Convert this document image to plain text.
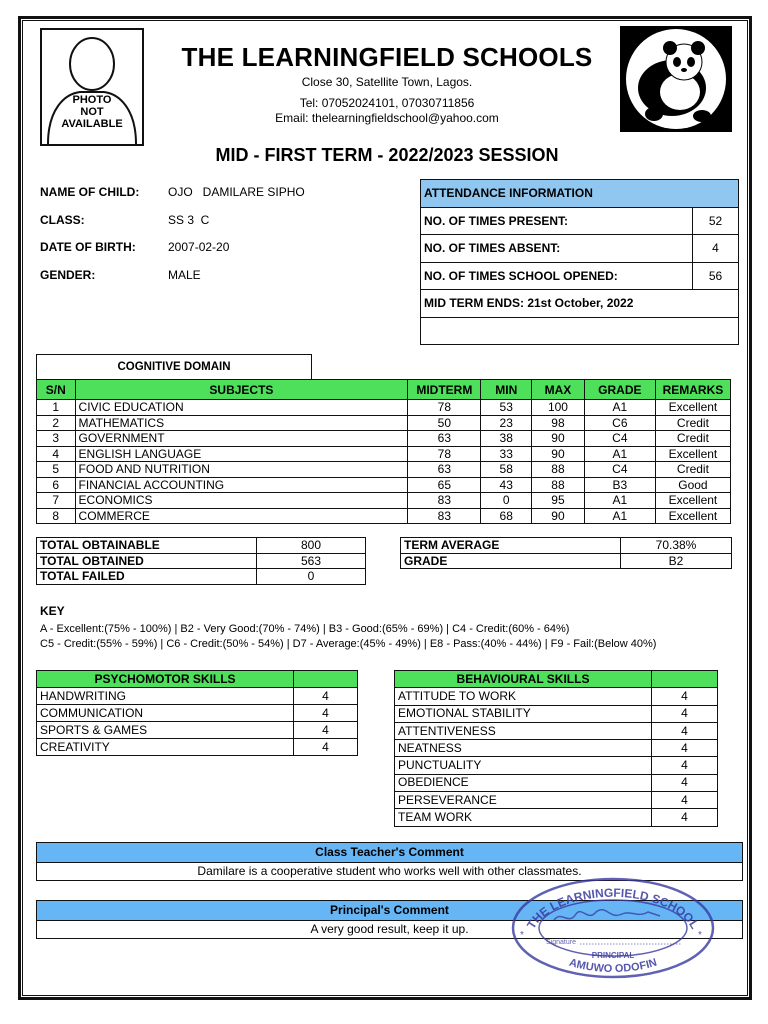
PHOTO
NOT
AVAILABLE
THE LEARNINGFIELD SCHOOLS
Close 30, Satellite Town, Lagos.
Tel: 07052024101, 07030711856
Email: thelearningfieldschool@yahoo.com
MID - FIRST TERM - 2022/2023 SESSION
NAME OF CHILD: OJO   DAMILARE SIPHO
CLASS:	SS 3  C
DATE OF BIRTH:	2007-02-20
GENDER:	MALE
ATTENDANCE INFORMATION	
NO. OF TIMES PRESENT:	52
NO. OF TIMES ABSENT:	4
NO. OF TIMES SCHOOL OPENED:	56
MID TERM ENDS: 21st October, 2022	

COGNITIVE DOMAIN
S/N	SUBJECTS	MIDTERM	MIN	MAX	GRADE	REMARKS
1	CIVIC EDUCATION	78	53	100	A1	Excellent
2	MATHEMATICS	50	23	98	C6	Credit
3	GOVERNMENT	63	38	90	C4	Credit
4	ENGLISH LANGUAGE	78	33	90	A1	Excellent
5	FOOD AND NUTRITION	63	58	88	C4	Credit
6	FINANCIAL ACCOUNTING	65	43	88	B3	Good
7	ECONOMICS	83	0	95	A1	Excellent
8	COMMERCE	83	68	90	A1	Excellent
TOTAL OBTAINABLE	800
TOTAL OBTAINED	563
TOTAL FAILED	0
TERM AVERAGE	70.38%
GRADE	B2
KEY
A - Excellent:(75% - 100%) | B2 - Very Good:(70% - 74%) | B3 - Good:(65% - 69%) | C4 - Credit:(60% - 64%)
C5 - Credit:(55% - 59%) | C6 - Credit:(50% - 54%) | D7 - Average:(45% - 49%) | E8 - Pass:(40% - 44%) | F9 - Fail:(Below 40%)
PSYCHOMOTOR SKILLS	
HANDWRITING	4
COMMUNICATION	4
SPORTS & GAMES	4
CREATIVITY	4
BEHAVIOURAL SKILLS	
ATTITUDE TO WORK	4
EMOTIONAL STABILITY	4
ATTENTIVENESS	4
NEATNESS	4
PUNCTUALITY	4
OBEDIENCE	4
PERSEVERANCE	4
TEAM WORK	4
Class Teacher's Comment
Damilare is a cooperative student who works well with other classmates.
Principal's Comment
A very good result, keep it up.	THE LEARNINGFIELD SCHOOL
AMUWO ODOFIN
Signature
PRINCIPAL
*	*
